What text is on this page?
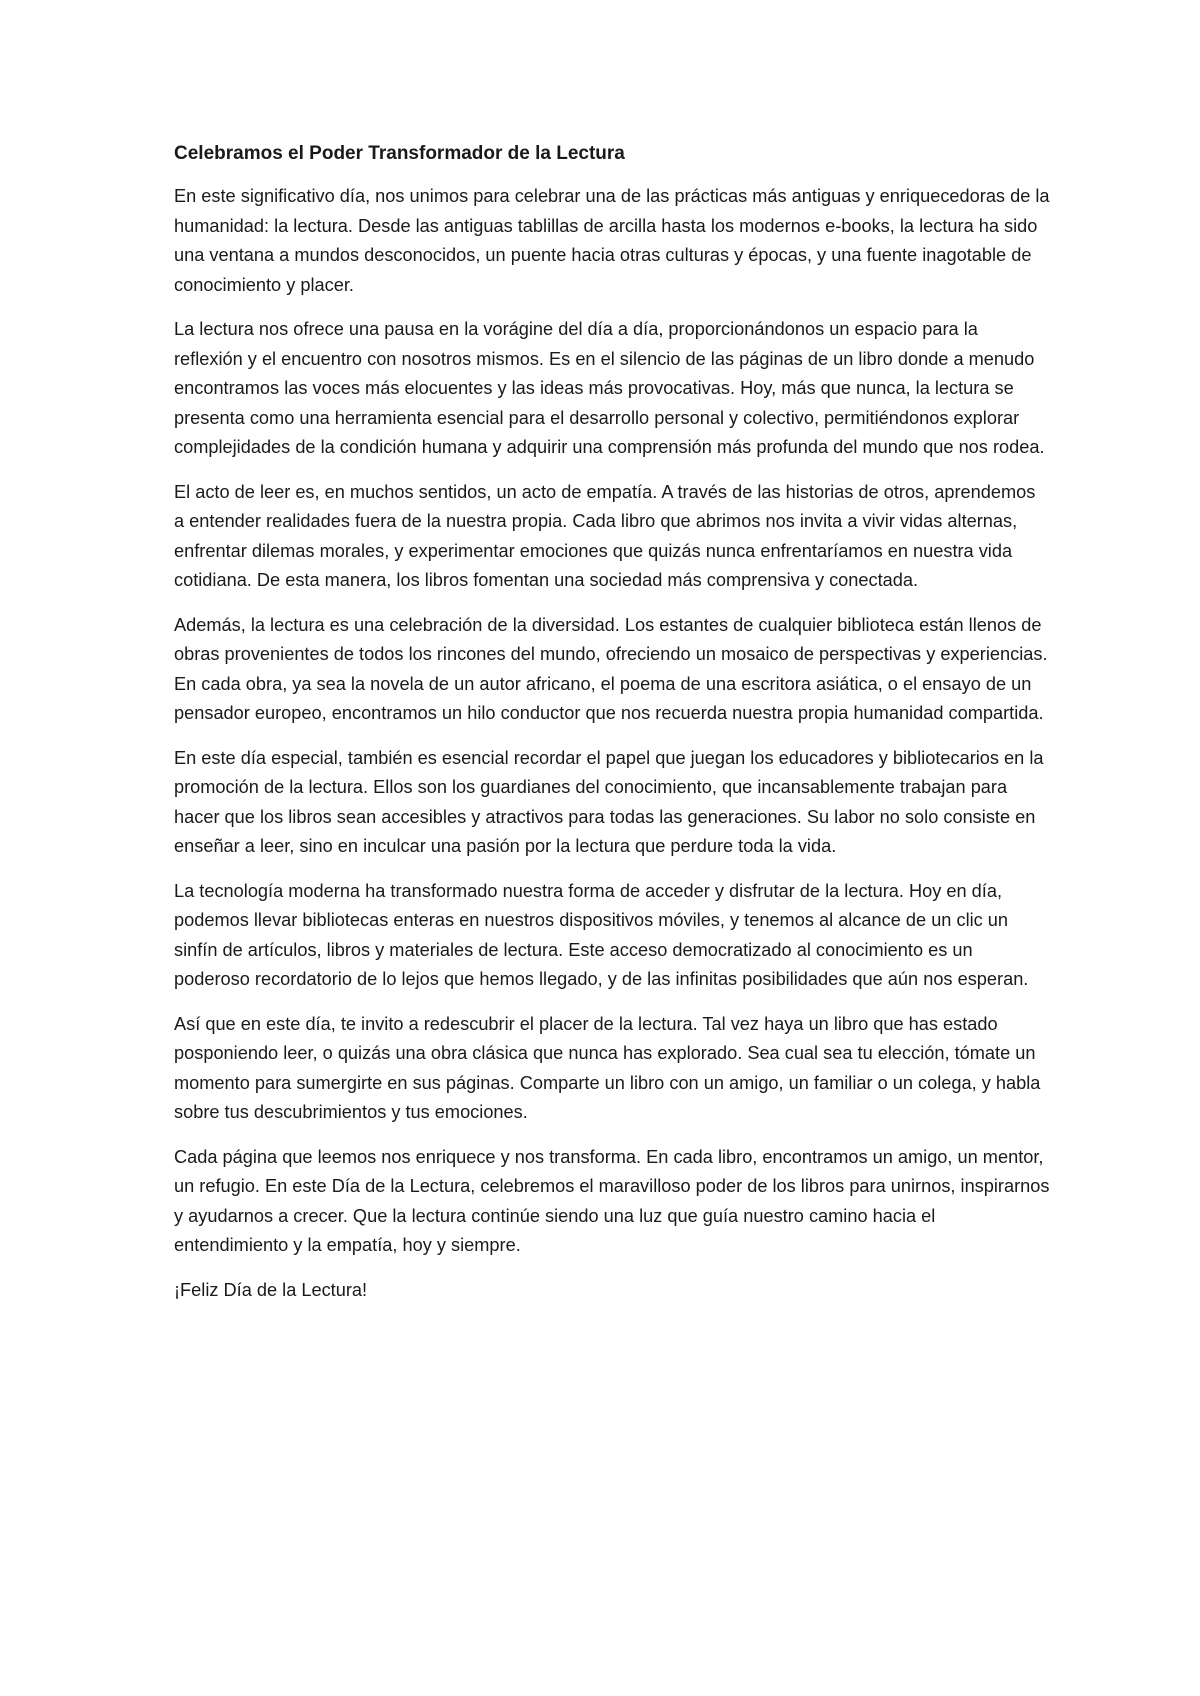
Celebramos el Poder Transformador de la Lectura

En este significativo día, nos unimos para celebrar una de las prácticas más antiguas y enriquecedoras de la humanidad: la lectura. Desde las antiguas tablillas de arcilla hasta los modernos e-books, la lectura ha sido una ventana a mundos desconocidos, un puente hacia otras culturas y épocas, y una fuente inagotable de conocimiento y placer.

La lectura nos ofrece una pausa en la vorágine del día a día, proporcionándonos un espacio para la reflexión y el encuentro con nosotros mismos. Es en el silencio de las páginas de un libro donde a menudo encontramos las voces más elocuentes y las ideas más provocativas. Hoy, más que nunca, la lectura se presenta como una herramienta esencial para el desarrollo personal y colectivo, permitiéndonos explorar complejidades de la condición humana y adquirir una comprensión más profunda del mundo que nos rodea.

El acto de leer es, en muchos sentidos, un acto de empatía. A través de las historias de otros, aprendemos a entender realidades fuera de la nuestra propia. Cada libro que abrimos nos invita a vivir vidas alternas, enfrentar dilemas morales, y experimentar emociones que quizás nunca enfrentaríamos en nuestra vida cotidiana. De esta manera, los libros fomentan una sociedad más comprensiva y conectada.

Además, la lectura es una celebración de la diversidad. Los estantes de cualquier biblioteca están llenos de obras provenientes de todos los rincones del mundo, ofreciendo un mosaico de perspectivas y experiencias. En cada obra, ya sea la novela de un autor africano, el poema de una escritora asiática, o el ensayo de un pensador europeo, encontramos un hilo conductor que nos recuerda nuestra propia humanidad compartida.

En este día especial, también es esencial recordar el papel que juegan los educadores y bibliotecarios en la promoción de la lectura. Ellos son los guardianes del conocimiento, que incansablemente trabajan para hacer que los libros sean accesibles y atractivos para todas las generaciones. Su labor no solo consiste en enseñar a leer, sino en inculcar una pasión por la lectura que perdure toda la vida.

La tecnología moderna ha transformado nuestra forma de acceder y disfrutar de la lectura. Hoy en día, podemos llevar bibliotecas enteras en nuestros dispositivos móviles, y tenemos al alcance de un clic un sinfín de artículos, libros y materiales de lectura. Este acceso democratizado al conocimiento es un poderoso recordatorio de lo lejos que hemos llegado, y de las infinitas posibilidades que aún nos esperan.

Así que en este día, te invito a redescubrir el placer de la lectura. Tal vez haya un libro que has estado posponiendo leer, o quizás una obra clásica que nunca has explorado. Sea cual sea tu elección, tómate un momento para sumergirte en sus páginas. Comparte un libro con un amigo, un familiar o un colega, y habla sobre tus descubrimientos y tus emociones.

Cada página que leemos nos enriquece y nos transforma. En cada libro, encontramos un amigo, un mentor, un refugio. En este Día de la Lectura, celebremos el maravilloso poder de los libros para unirnos, inspirarnos y ayudarnos a crecer. Que la lectura continúe siendo una luz que guía nuestro camino hacia el entendimiento y la empatía, hoy y siempre.

¡Feliz Día de la Lectura!
